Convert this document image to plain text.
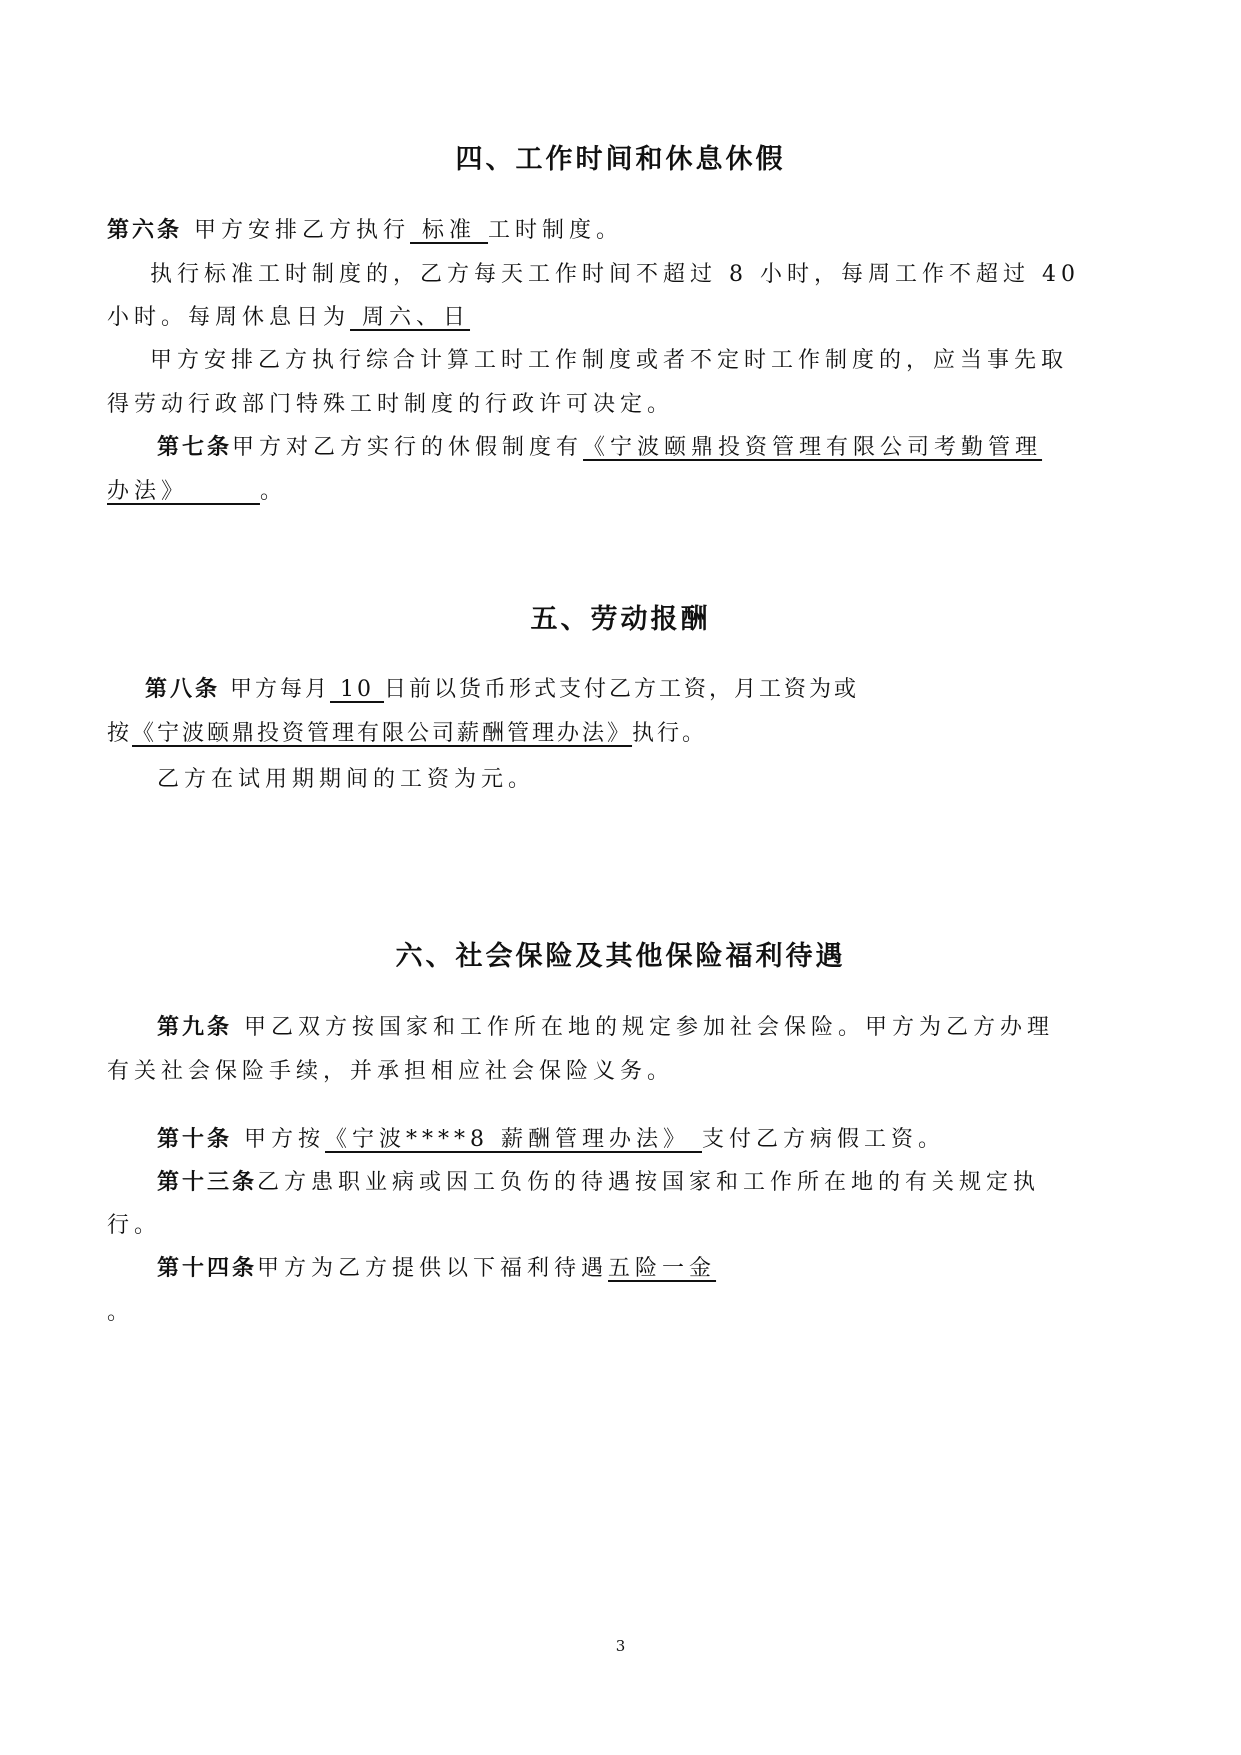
四、工作时间和休息休假
第六条 甲方安排乙方执行 标准 工时制度。
执行标准工时制度的，乙方每天工作时间不超过 8 小时，每周工作不超过 40
小时。每周休息日为 周六、日
甲方安排乙方执行综合计算工时工作制度或者不定时工作制度的，应当事先取
得劳动行政部门特殊工时制度的行政许可决定。
第七条甲方对乙方实行的休假制度有《宁波颐鼎投资管理有限公司考勤管理
办法》      。
五、劳动报酬
第八条 甲方每月 10 日前以货币形式支付乙方工资，月工资为或
按《宁波颐鼎投资管理有限公司薪酬管理办法》执行。
乙方在试用期期间的工资为元。
六、社会保险及其他保险福利待遇
第九条 甲乙双方按国家和工作所在地的规定参加社会保险。甲方为乙方办理
有关社会保险手续，并承担相应社会保险义务。
第十条 甲方按《宁波****8 薪酬管理办法》 支付乙方病假工资。
第十三条乙方患职业病或因工负伤的待遇按国家和工作所在地的有关规定执
行。
第十四条甲方为乙方提供以下福利待遇五险一金
。
3
